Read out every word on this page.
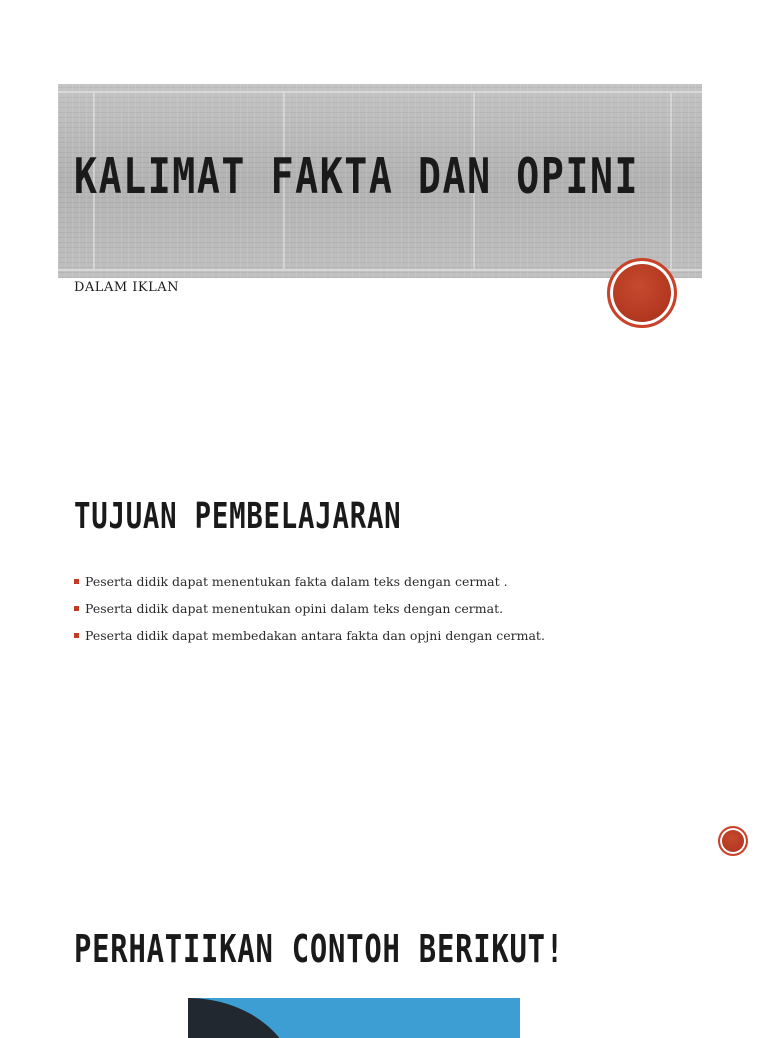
KALIMAT FAKTA DAN OPINI

DALAM IKLAN

TUJUAN PEMBELAJARAN
Peserta didik dapat menentukan fakta dalam teks dengan cermat .
Peserta didik dapat menentukan opini dalam teks dengan cermat.
Peserta didik dapat membedakan antara fakta dan opjni dengan cermat.
PERHATIIKAN CONTOH BERIKUT!
